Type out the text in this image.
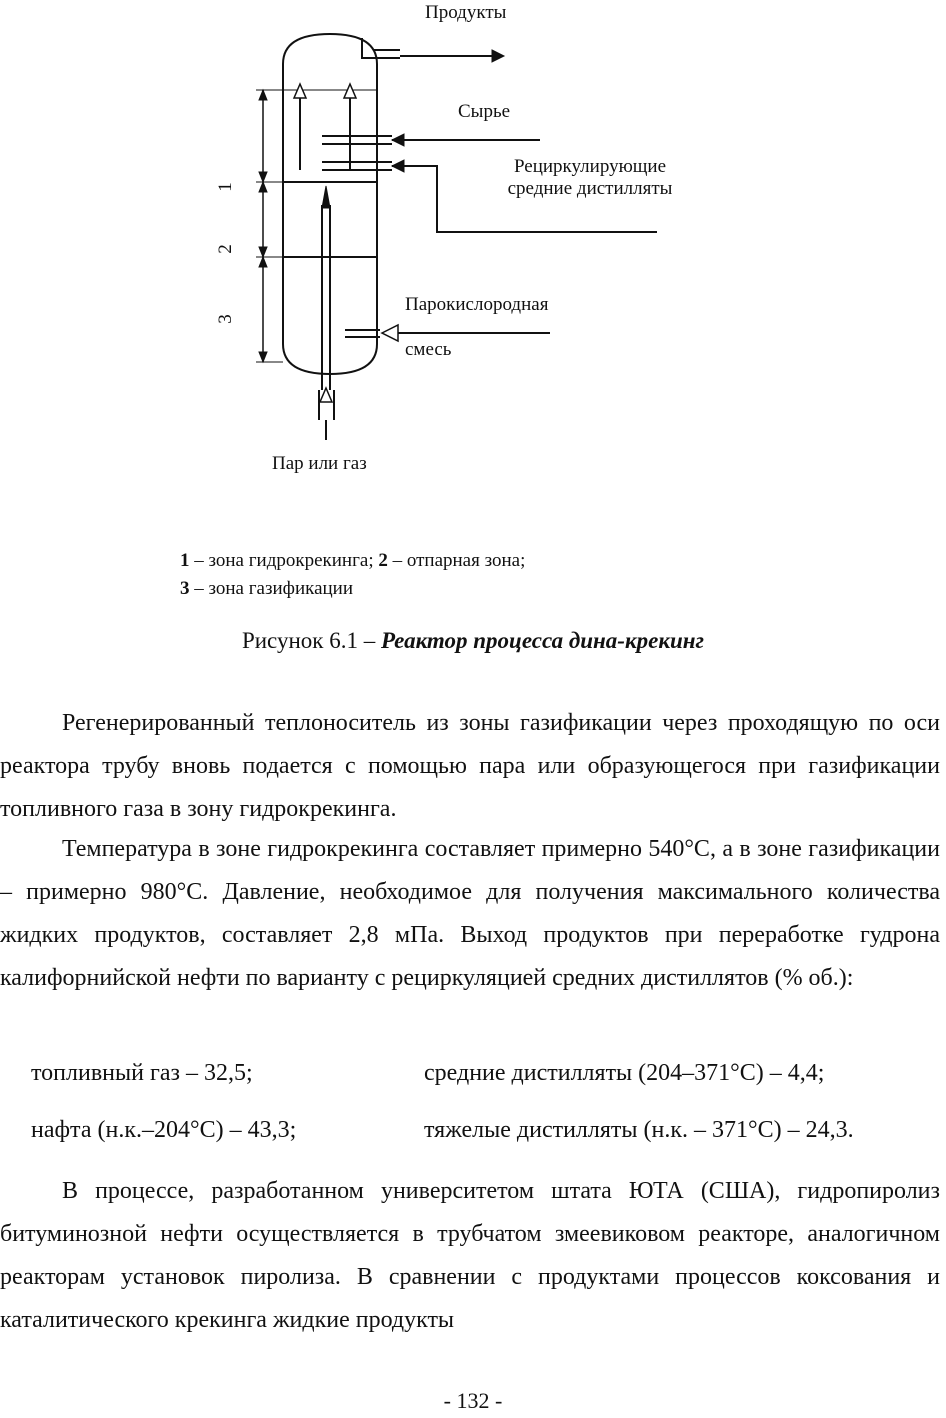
Продукты
Сырье
Рециркулирующие
средние дистилляты
Парокислородная
смесь
Пар или газ
1
2
3
1 – зона гидрокрекинга; 2 – отпарная зона;
3 – зона газификации
Рисунок 6.1 – Реактор процесса дина-крекинг
Регенерированный теплоноситель из зоны газификации через проходящую по оси реактора трубу вновь подается с помощью пара или образующегося при газификации топливного газа в зону гидрокрекинга.
Температура в зоне гидрокрекинга составляет примерно 540°С, а в зоне газификации – примерно 980°С. Давление, необходимое для получения максимального количества жидких продуктов, составляет 2,8 мПа. Выход продуктов при переработке гудрона калифорнийской нефти по варианту с рециркуляцией средних дистиллятов (% об.):
топливный газ – 32,5;	средние дистилляты (204–371°С) – 4,4;
нафта (н.к.–204°С) – 43,3;	тяжелые дистилляты (н.к. – 371°С) – 24,3.
В процессе, разработанном университетом штата ЮТА (США), гидропиролиз битуминозной нефти осуществляется в трубчатом змеевиковом реакторе, аналогичном реакторам установок пиролиза. В сравнении с продуктами процессов коксования и каталитического крекинга жидкие продукты
- 132 -
